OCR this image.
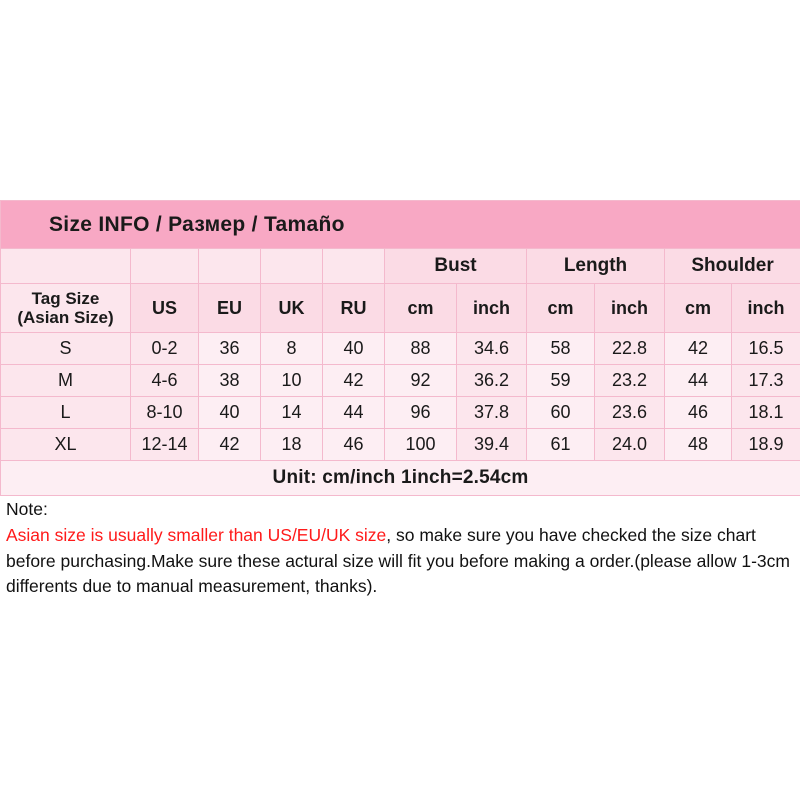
Size INFO / Размер / Tamaño										
					Bust		Length		Shoulder	

Tag Size
(Asian Size)	US	EU	UK	RU	cm	inch	cm	inch	cm	inch
S	0-2	36	8	40	88	34.6	58	22.8	42	16.5
M	4-6	38	10	42	92	36.2	59	23.2	44	17.3
L	8-10	40	14	44	96	37.8	60	23.6	46	18.1
XL	12-14	42	18	46	100	39.4	61	24.0	48	18.9
Unit: cm/inch 1inch=2.54cm										
Note:
Asian size is usually smaller than US/EU/UK size, so make sure you have checked the size chart before purchasing.Make sure these actural size will fit you before making a order.(please allow 1-3cm differents due to manual measurement, thanks).
